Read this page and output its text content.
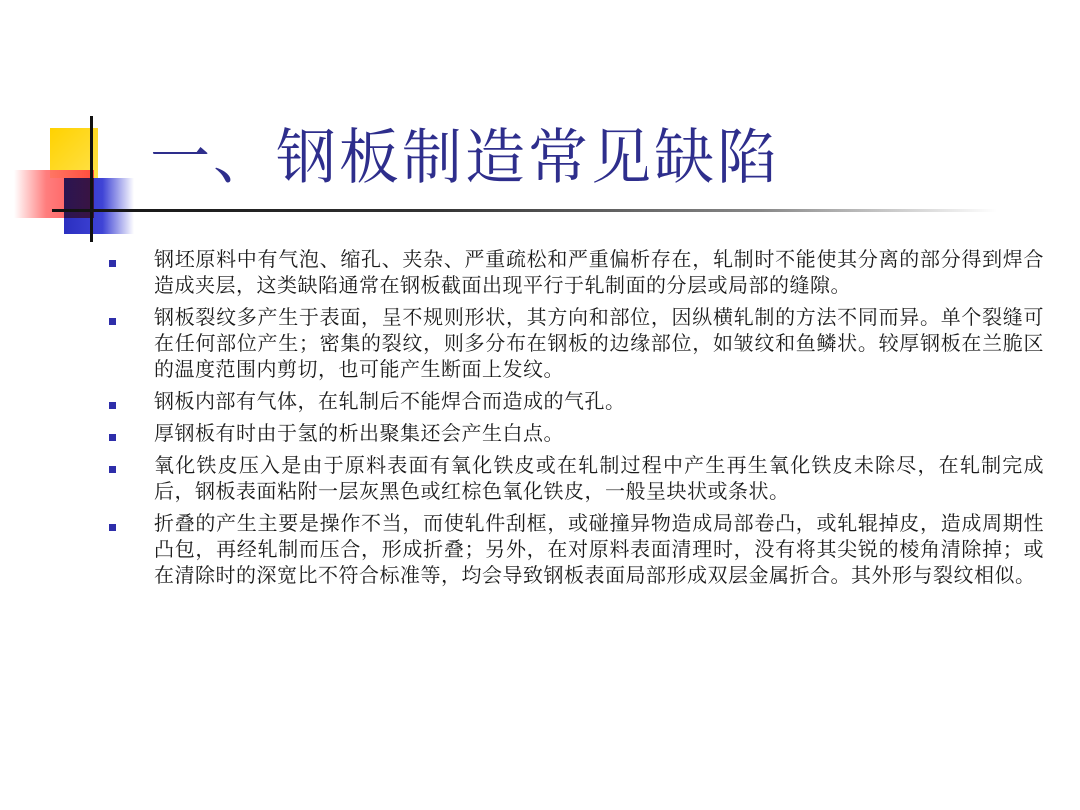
一、钢板制造常见缺陷
钢坯原料中有气泡、缩孔、夹杂、严重疏松和严重偏析存在，轧制时不能使其分离的部分得到焊合造成夹层，这类缺陷通常在钢板截面出现平行于轧制面的分层或局部的缝隙。
钢板裂纹多产生于表面，呈不规则形状，其方向和部位，因纵横轧制的方法不同而异。单个裂缝可在任何部位产生；密集的裂纹，则多分布在钢板的边缘部位，如皱纹和鱼鳞状。较厚钢板在兰脆区的温度范围内剪切，也可能产生断面上发纹。
钢板内部有气体，在轧制后不能焊合而造成的气孔。
厚钢板有时由于氢的析出聚集还会产生白点。
氧化铁皮压入是由于原料表面有氧化铁皮或在轧制过程中产生再生氧化铁皮未除尽，在轧制完成后，钢板表面粘附一层灰黑色或红棕色氧化铁皮，一般呈块状或条状。
折叠的产生主要是操作不当，而使轧件刮框，或碰撞异物造成局部卷凸，或轧辊掉皮，造成周期性凸包，再经轧制而压合，形成折叠；另外，在对原料表面清理时，没有将其尖锐的棱角清除掉；或在清除时的深宽比不符合标准等，均会导致钢板表面局部形成双层金属折合。其外形与裂纹相似。
